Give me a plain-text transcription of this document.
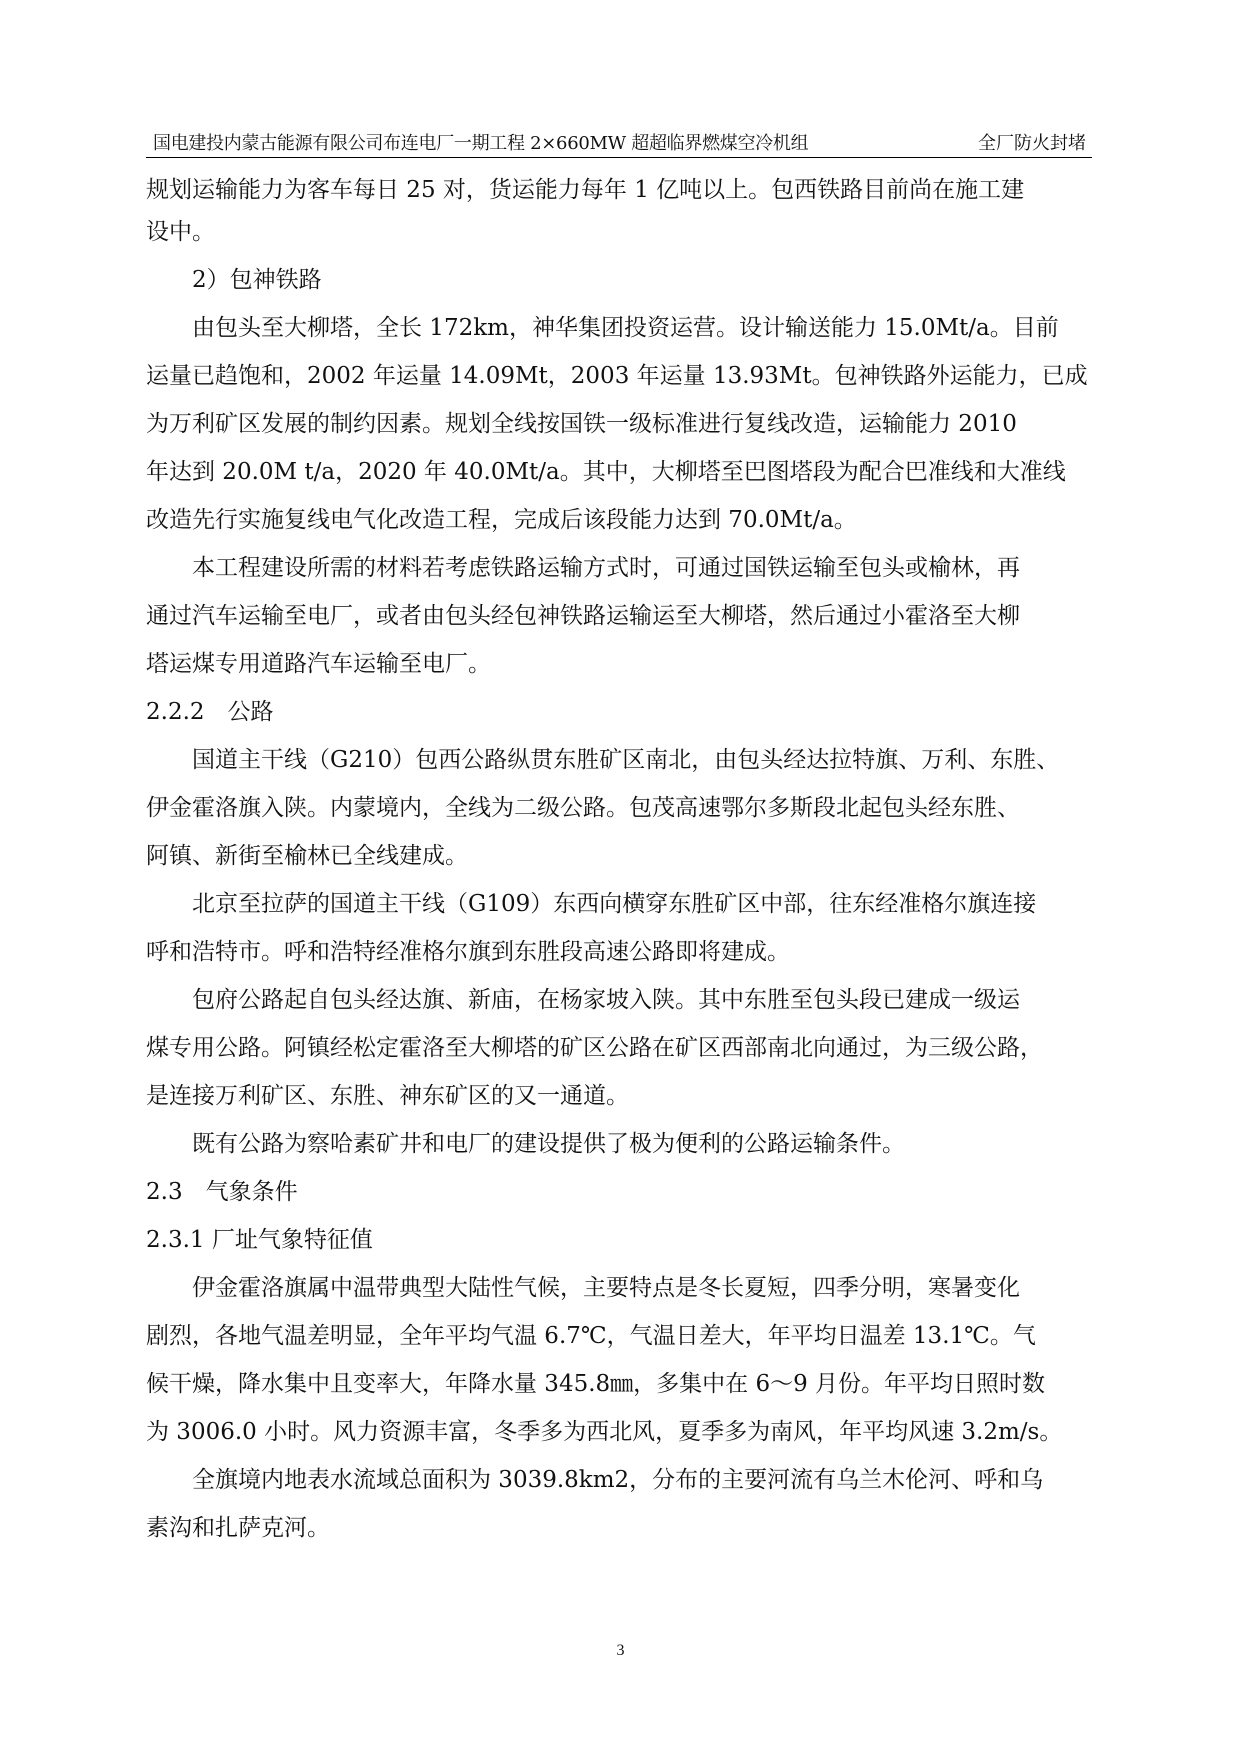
国电建投内蒙古能源有限公司布连电厂一期工程 2×660MW 超超临界燃煤空冷机组	全厂防火封堵

规划运输能力为客车每日 25 对，货运能力每年 1 亿吨以上。包西铁路目前尚在施工建

设中。

2）包神铁路

由包头至大柳塔，全长 172km，神华集团投资运营。设计输送能力 15.0Mt/a。目前

运量已趋饱和，2002 年运量 14.09Mt，2003 年运量 13.93Mt。包神铁路外运能力，已成

为万利矿区发展的制约因素。规划全线按国铁一级标准进行复线改造，运输能力 2010

年达到 20.0M t/a，2020 年 40.0Mt/a。其中，大柳塔至巴图塔段为配合巴准线和大准线

改造先行实施复线电气化改造工程，完成后该段能力达到 70.0Mt/a。

本工程建设所需的材料若考虑铁路运输方式时，可通过国铁运输至包头或榆林，再

通过汽车运输至电厂，或者由包头经包神铁路运输运至大柳塔，然后通过小霍洛至大柳

塔运煤专用道路汽车运输至电厂。

2.2.2　公路

国道主干线（G210）包西公路纵贯东胜矿区南北，由包头经达拉特旗、万利、东胜、

伊金霍洛旗入陕。内蒙境内，全线为二级公路。包茂高速鄂尔多斯段北起包头经东胜、

阿镇、新街至榆林已全线建成。

北京至拉萨的国道主干线（G109）东西向横穿东胜矿区中部，往东经准格尔旗连接

呼和浩特市。呼和浩特经准格尔旗到东胜段高速公路即将建成。

包府公路起自包头经达旗、新庙，在杨家坡入陕。其中东胜至包头段已建成一级运

煤专用公路。阿镇经松定霍洛至大柳塔的矿区公路在矿区西部南北向通过，为三级公路，

是连接万利矿区、东胜、神东矿区的又一通道。

既有公路为察哈素矿井和电厂的建设提供了极为便利的公路运输条件。

2.3　气象条件

2.3.1 厂址气象特征值

伊金霍洛旗属中温带典型大陆性气候，主要特点是冬长夏短，四季分明，寒暑变化

剧烈，各地气温差明显，全年平均气温 6.7℃，气温日差大，年平均日温差 13.1℃。气

候干燥，降水集中且变率大，年降水量 345.8㎜，多集中在 6～9 月份。年平均日照时数

为 3006.0 小时。风力资源丰富，冬季多为西北风，夏季多为南风，年平均风速 3.2m/s。

全旗境内地表水流域总面积为 3039.8km2，分布的主要河流有乌兰木伦河、呼和乌

素沟和扎萨克河。

3
